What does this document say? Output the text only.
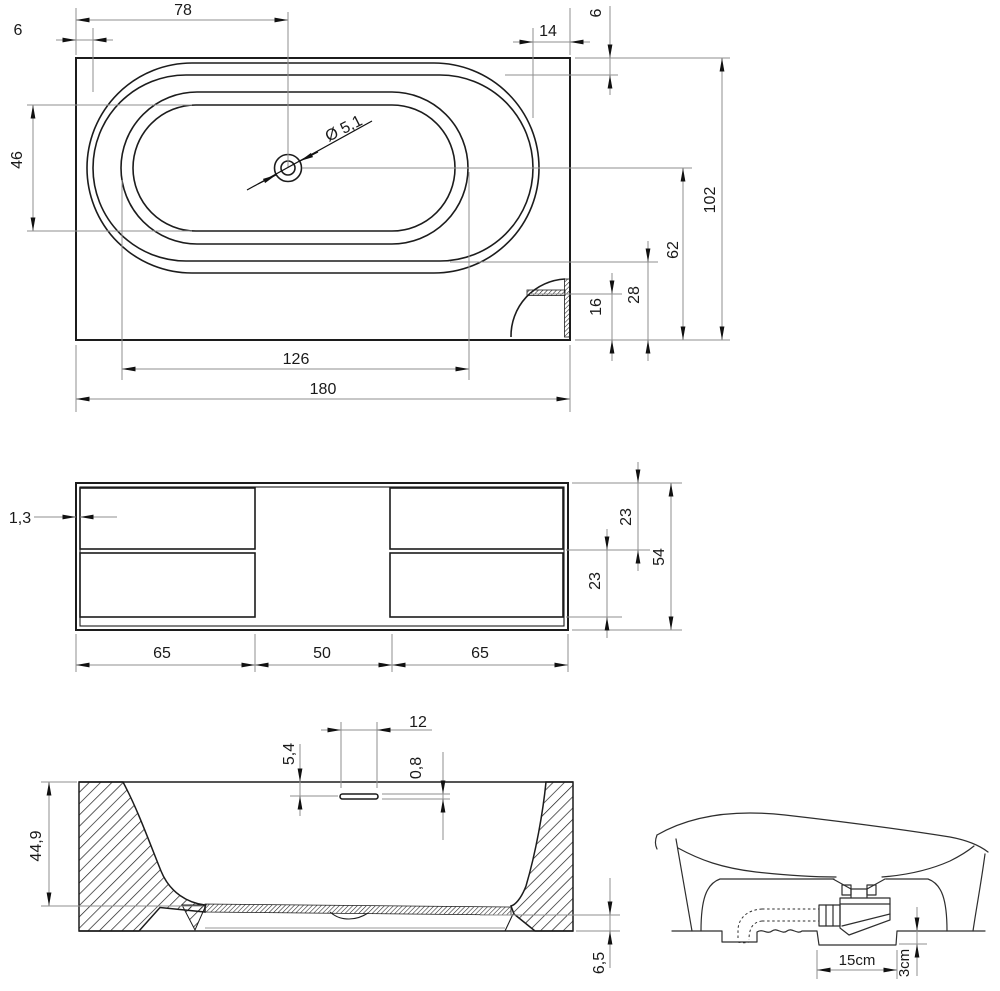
78
6	14
6
46
102
62
28
16
126
180
Ø 5,1
1,3
65	50	65
23
23
54
44,9
5,4
12
0,8
6,5	15cm 3cm
